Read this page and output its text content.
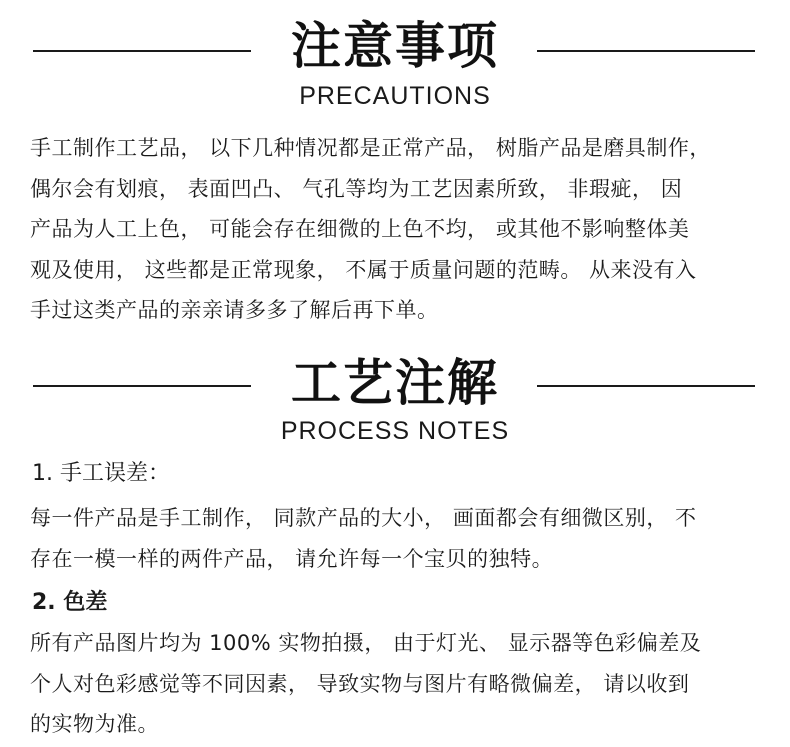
注意事项
PRECAUTIONS
手工制作工艺品， 以下几种情况都是正常产品， 树脂产品是磨具制作，
偶尔会有划痕， 表面凹凸、 气孔等均为工艺因素所致， 非瑕疵， 因
产品为人工上色， 可能会存在细微的上色不均， 或其他不影响整体美
观及使用， 这些都是正常现象， 不属于质量问题的范畴。 从来没有入
手过这类产品的亲亲请多多了解后再下单。
工艺注解
PROCESS NOTES
1. 手工误差：
每一件产品是手工制作， 同款产品的大小， 画面都会有细微区别， 不
存在一模一样的两件产品， 请允许每一个宝贝的独特。
2. 色差
所有产品图片均为 100% 实物拍摄， 由于灯光、 显示器等色彩偏差及
个人对色彩感觉等不同因素， 导致实物与图片有略微偏差， 请以收到
的实物为准。
